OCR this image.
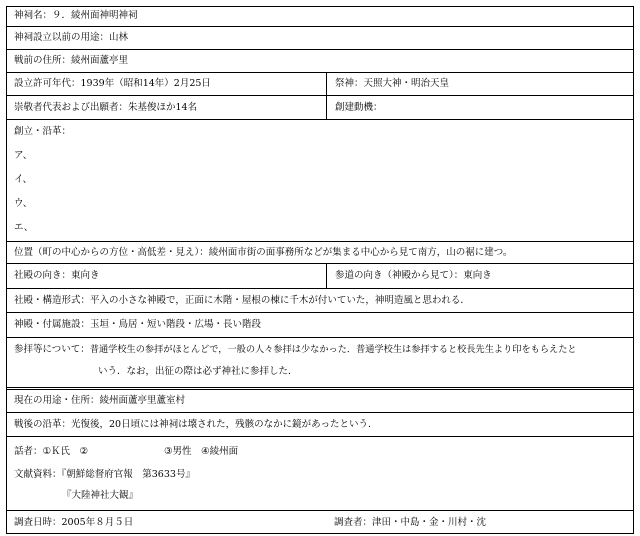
神祠名：９．綾州面神明神祠
神祠設立以前の用途：山林
戦前の住所：綾州面蘆亭里
設立許可年代： 1939年（昭和14年）2月25日	祭神： 天照大神・明治天皇
崇敬者代表および出願者： 朱基俊ほか14名	創建動機：
創立・沿革：
ア、
イ、
ウ、
エ、
位置（町の中心からの方位・高低差・見え）： 綾州面市街の面事務所などが集まる中心から見て南方，山の裾に建つ。
社殿の向き： 東向き	参道の向き（神殿から見て）： 東向き
社殿・構造形式： 平入の小さな神殿で，正面に木階・屋根の棟に千木が付いていた，神明造風と思われる．
神殿・付属施設： 玉垣・鳥居・短い階段・広場・長い階段
参拝等について：普通学校生の参拝がほとんどで，一般の人々参拝は少なかった．普通学校生は参拝すると校長先生より印をもらえたと
いう．なお，出征の際は必ず神社に参拝した．
現在の用途・住所： 綾州面蘆亭里蘆室村
戦後の沿革： 光復後，20日頃には神祠は壊された，残骸のなかに鏡があったという．
話者：①Ｋ氏　②　　　　　　　　③男性　④綾州面
文献資料：『朝鮮総督府官報　第3633号』
『大陸神社大観』
調査日時： 2005年８月５日	調査者： 津田・中島・金・川村・沈
